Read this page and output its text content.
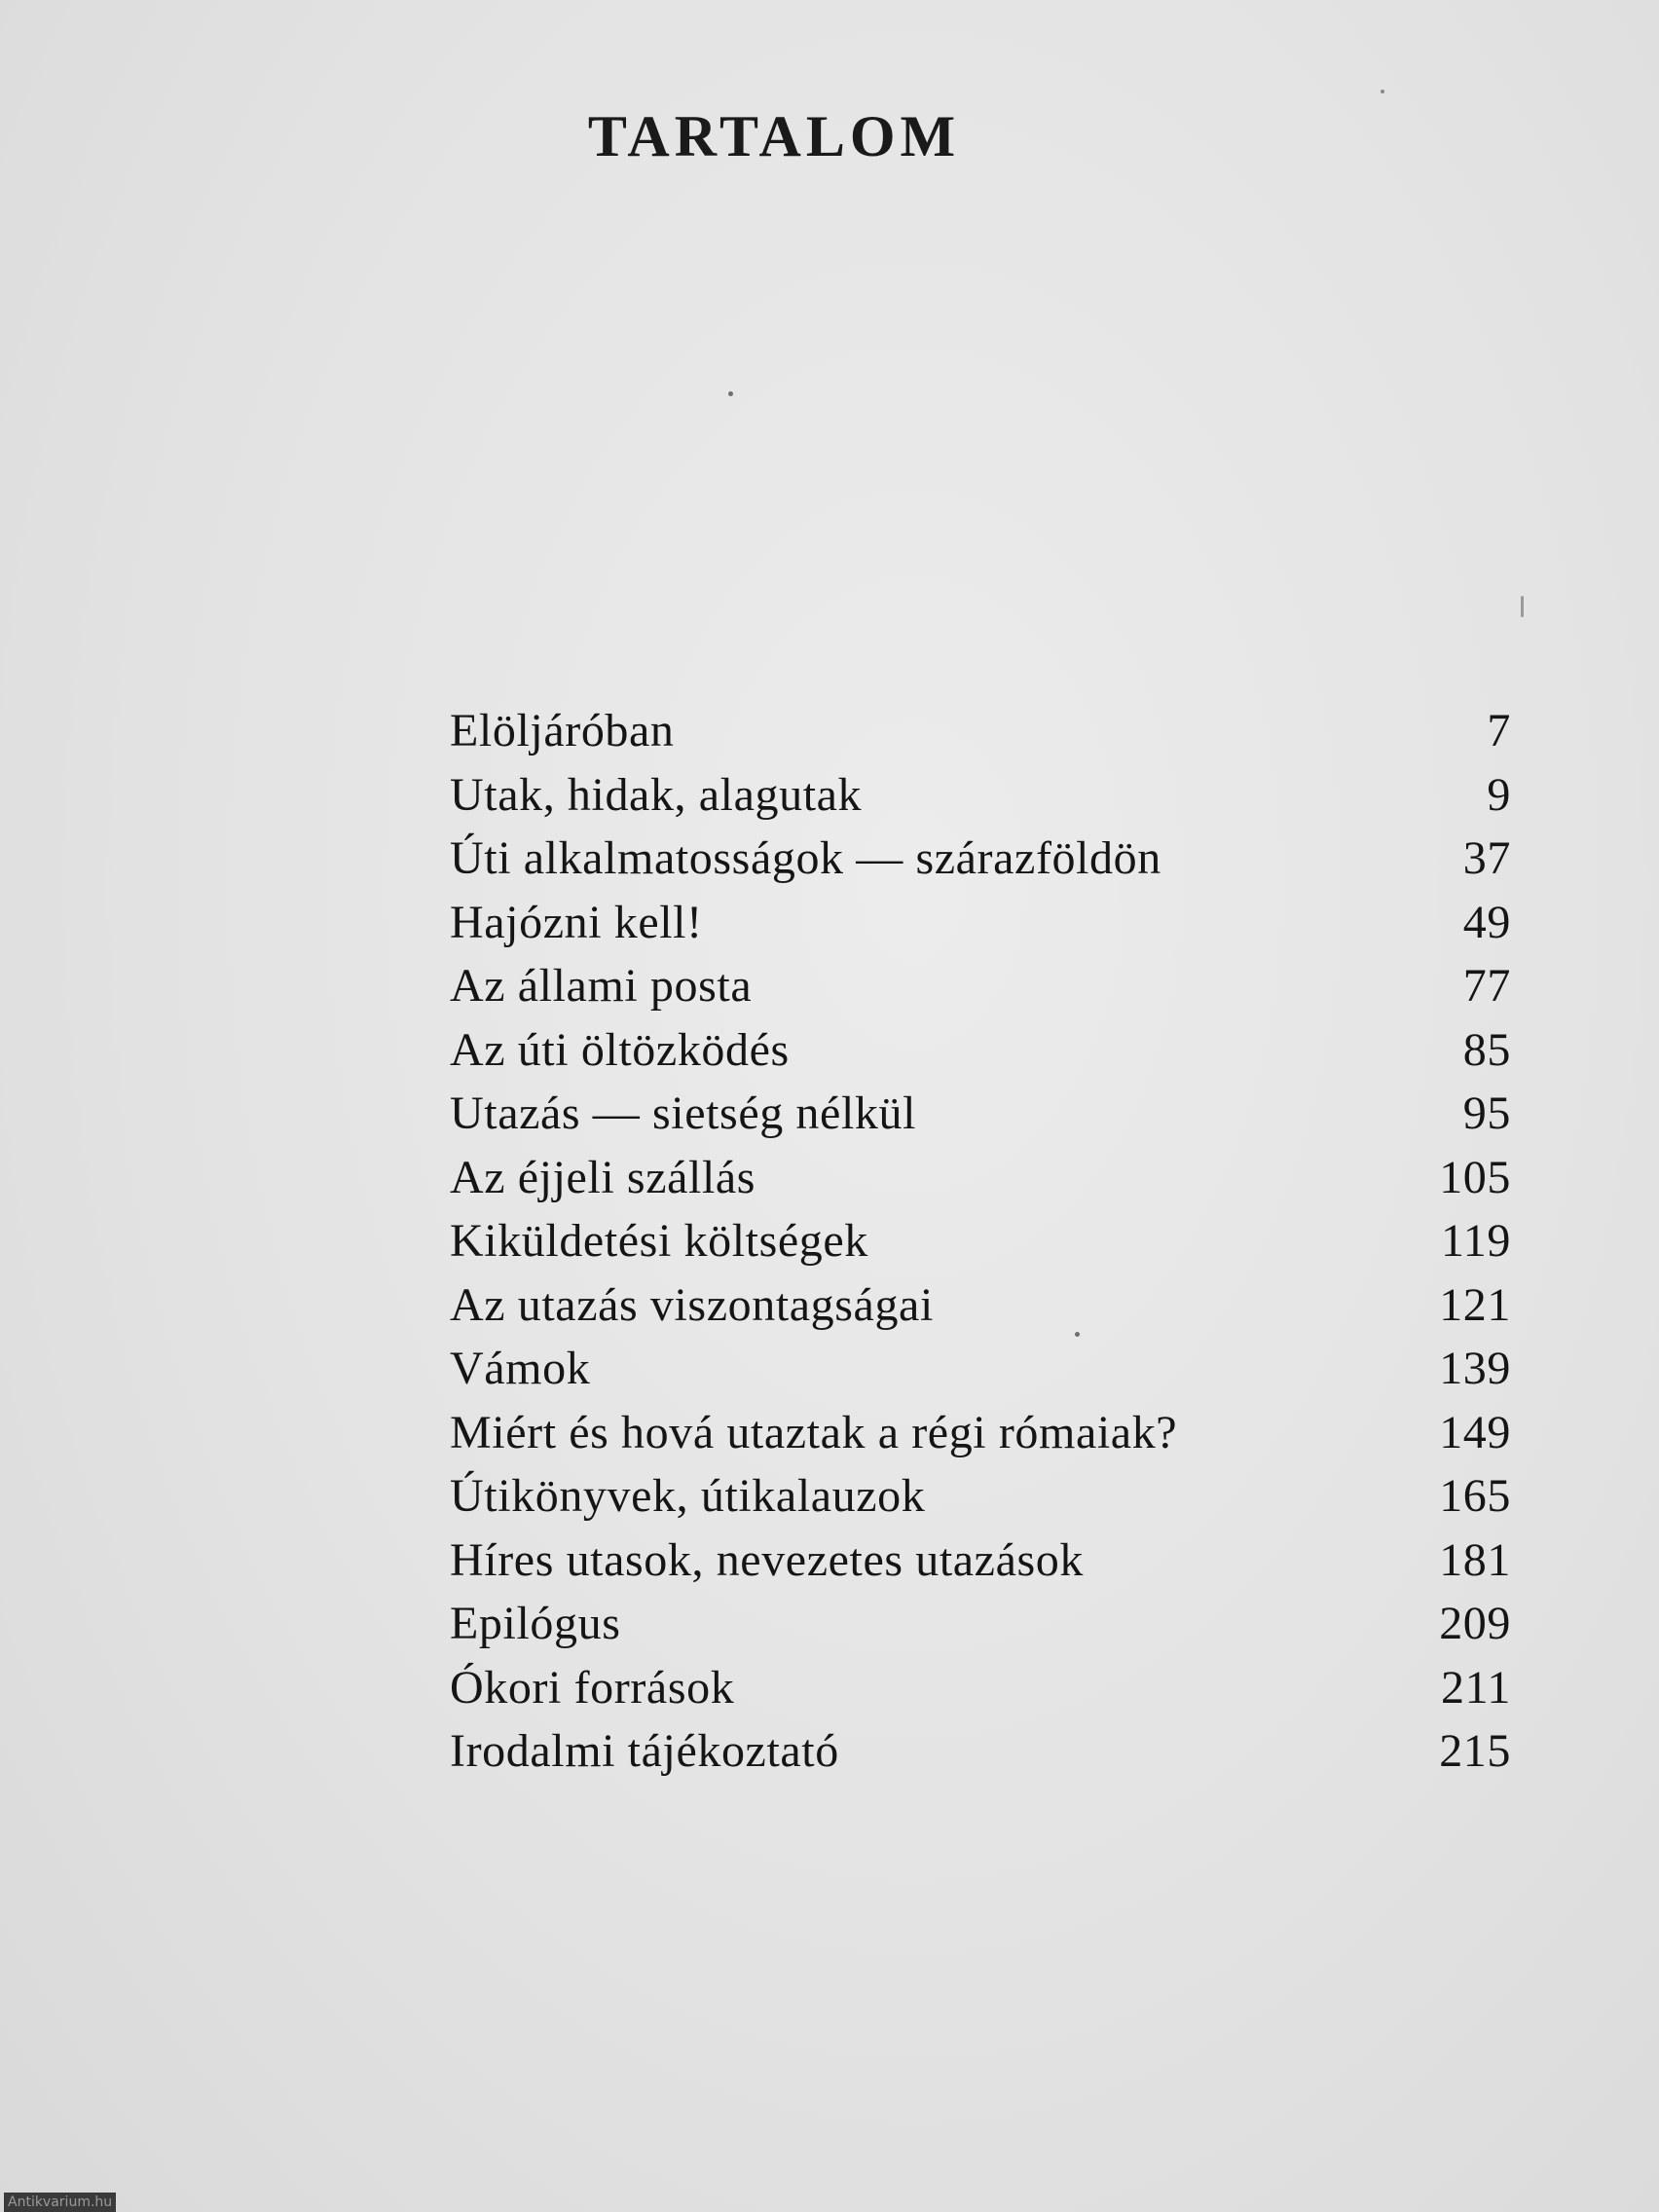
TARTALOM
Elöljáróban	7
Utak, hidak, alagutak	9
Úti alkalmatosságok — szárazföldön	37
Hajózni kell!	49
Az állami posta	77
Az úti öltözködés	85
Utazás — sietség nélkül	95
Az éjjeli szállás	105
Kiküldetési költségek	119
Az utazás viszontagságai	121
Vámok	139
Miért és hová utaztak a régi rómaiak?	149
Útikönyvek, útikalauzok	165
Híres utasok, nevezetes utazások	181
Epilógus	209
Ókori források	211
Irodalmi tájékoztató	215
Antikvarium.hu
